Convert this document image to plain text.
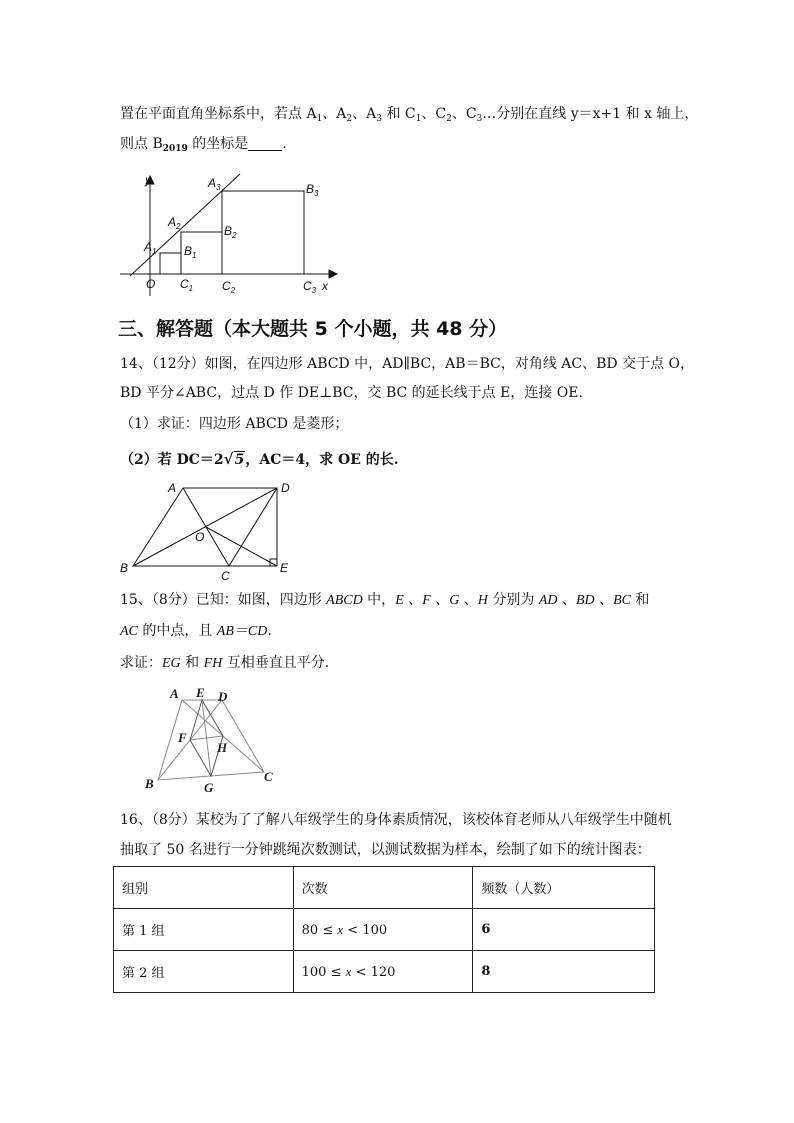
置在平面直角坐标系中，若点 $A_1$、$A_2$、$A_3$ 和 $C_1$、$C_2$、$C_3\dots$分别在直线 y＝x+1 和 x 轴上，
则点 $B_{2019}$ 的坐标是 .
y
x
O
$A_1$
$A_2$
$A_3$
$B_1$
$B_2$
$B_3$
$C_1$ $C_2$	$C_3$
三、解答题（本大题共 5 个小题，共 48 分）
14、（12分）如图，在四边形 ABCD 中，AD∥BC，AB＝BC，对角线 AC、BD 交于点 O，
BD 平分∠ABC，过点 D 作 DE⊥BC，交 BC 的延长线于点 E，连接 OE.
（1）求证：四边形 ABCD 是菱形；
（2）若 DC＝2 √ 5，AC＝4，求 OE 的长.
A	D
B
C
E
O
15、（8分）已知：如图，四边形 ABCD 中，E 、F 、G 、H 分别为 AD 、BD 、BC 和
AC 的中点，且 AB＝CD.
求证：EG 和 FH 互相垂直且平分.
A E D
F
H
B	G
C
16、（8分）某校为了了解八年级学生的身体素质情况，该校体育老师从八年级学生中随机
抽取了 50 名进行一分钟跳绳次数测试，以测试数据为样本，绘制了如下的统计图表：
组别	次数	频数（人数）
第 1 组	80 ≤ x < 100	6
第 2 组	100 ≤ x < 120	8
